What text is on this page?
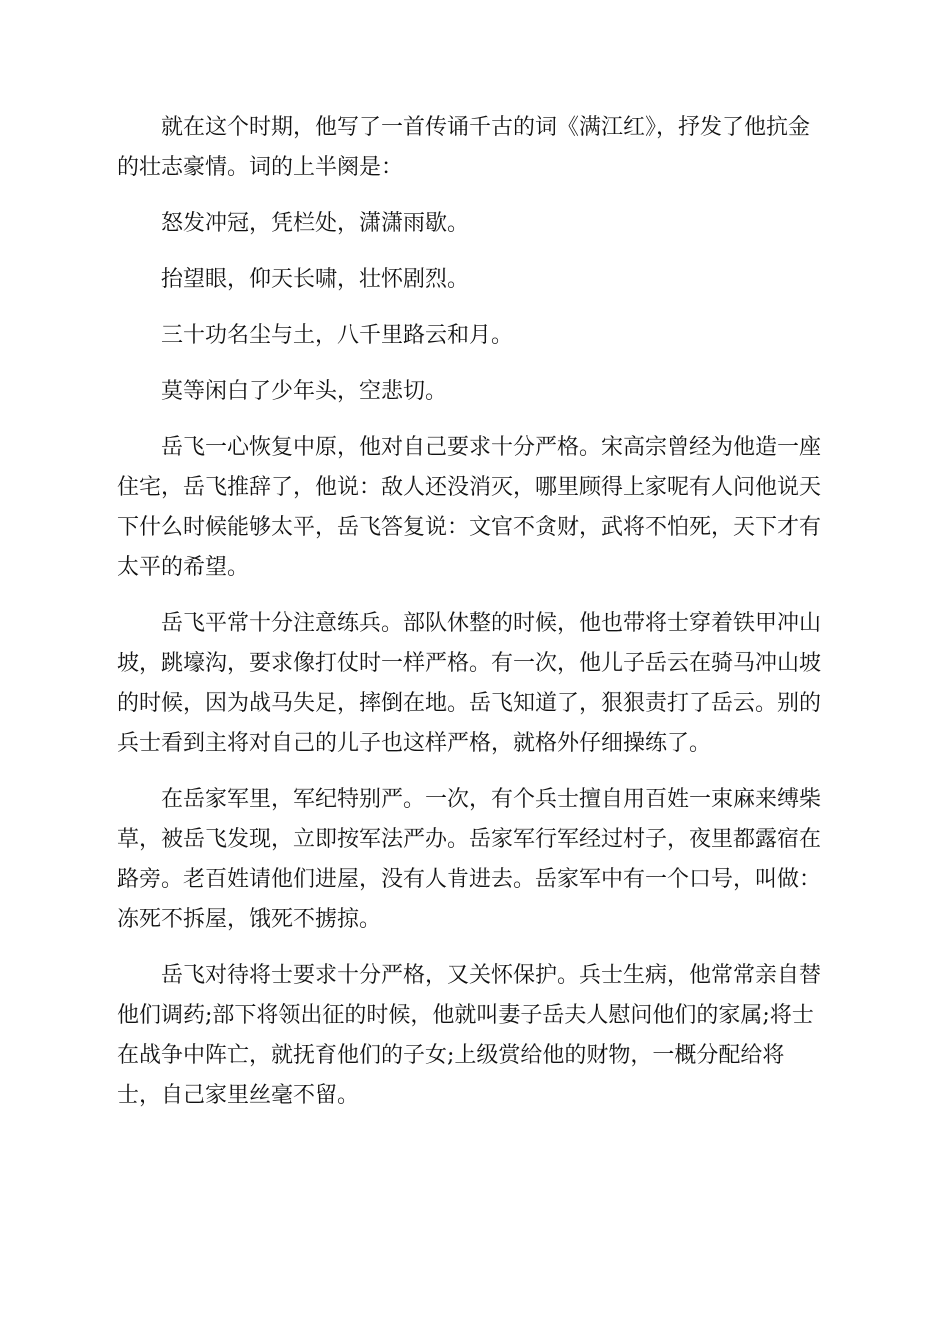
就在这个时期，他写了一首传诵千古的词《满江红》，抒发了他抗金
的壮志豪情。词的上半阕是：
怒发冲冠，凭栏处，潇潇雨歇。
抬望眼，仰天长啸，壮怀剧烈。
三十功名尘与土，八千里路云和月。
莫等闲白了少年头，空悲切。
岳飞一心恢复中原，他对自己要求十分严格。宋高宗曾经为他造一座
住宅，岳飞推辞了，他说：敌人还没消灭，哪里顾得上家呢有人问他说天
下什么时候能够太平，岳飞答复说：文官不贪财，武将不怕死，天下才有
太平的希望。
岳飞平常十分注意练兵。部队休整的时候，他也带将士穿着铁甲冲山
坡，跳壕沟，要求像打仗时一样严格。有一次，他儿子岳云在骑马冲山坡
的时候，因为战马失足，摔倒在地。岳飞知道了，狠狠责打了岳云。别的
兵士看到主将对自己的儿子也这样严格，就格外仔细操练了。
在岳家军里，军纪特别严。一次，有个兵士擅自用百姓一束麻来缚柴
草，被岳飞发现，立即按军法严办。岳家军行军经过村子，夜里都露宿在
路旁。老百姓请他们进屋，没有人肯进去。岳家军中有一个口号，叫做：
冻死不拆屋，饿死不掳掠。
岳飞对待将士要求十分严格，又关怀保护。兵士生病，他常常亲自替
他们调药;部下将领出征的时候，他就叫妻子岳夫人慰问他们的家属;将士
在战争中阵亡，就抚育他们的子女;上级赏给他的财物，一概分配给将
士，自己家里丝毫不留。
